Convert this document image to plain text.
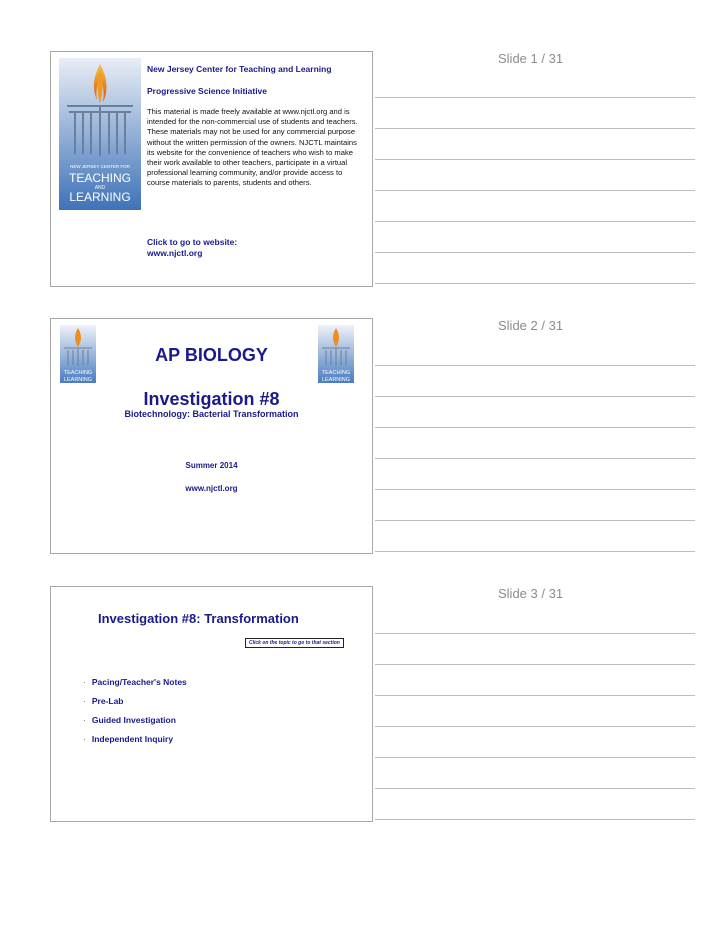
NEW JERSEY CENTER FOR
TEACHING
AND
LEARNING
New Jersey Center for Teaching and Learning
Progressive Science Initiative
This material is made freely available at www.njctl.org and is intended for the non-commercial use of students and teachers. These materials may not be used for any commercial purpose without the written permission of the owners. NJCTL maintains its website for the convenience of teachers who wish to make their work available to other teachers, participate in a virtual professional learning community, and/or provide access to course materials to parents, students and others.
Click to go to website:
www.njctl.org
Slide 1 / 31
TEACHING
LEARNING
TEACHING
LEARNING
AP BIOLOGY
Investigation #8
Biotechnology: Bacterial Transformation
Summer 2014
www.njctl.org
Slide 2 / 31
Investigation #8: Transformation
Click on the topic to go to that section
· Pacing/Teacher's Notes
· Pre-Lab
· Guided Investigation
· Independent Inquiry
Slide 3 / 31
